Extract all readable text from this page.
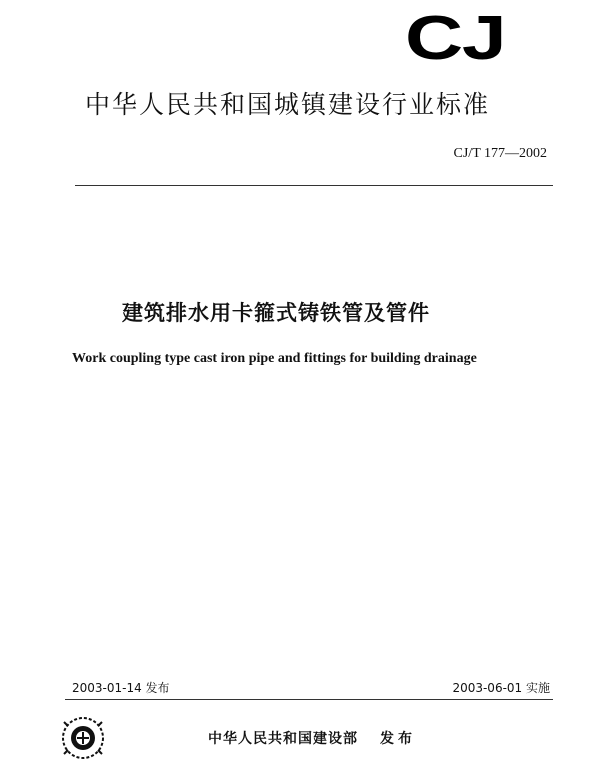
CJ
中华人民共和国城镇建设行业标准
CJ/T 177—2002
建筑排水用卡箍式铸铁管及管件
Work coupling type cast iron pipe and fittings for building drainage
2003-01-14 发布	2003-06-01 实施
中华人民共和国建设部 发布
